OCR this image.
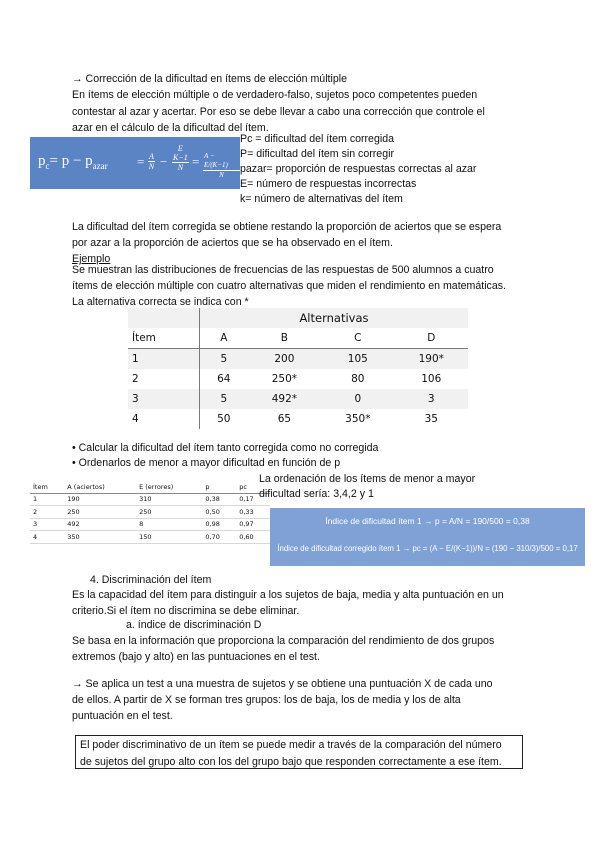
→ Corrección de la dificultad en ítems de elección múltiple
En ítems de elección múltiple o de verdadero-falso, sujetos poco competentes pueden
contestar al azar y acertar. Por eso se debe llevar a cabo una corrección que controle el
azar en el cálculo de la dificultad del ítem.
$p_c= p - p_{azar} = \frac{A}{N}$ −
E
K−1
$N = \frac{A - E/(K-1)}{N}$
Pc = dificultad del ítem corregida
P= dificultad del ítem sin corregir
pazar= proporción de respuestas correctas al azar
E= número de respuestas incorrectas
k= número de alternativas del ítem
La dificultad del ítem corregida se obtiene restando la proporción de aciertos que se espera
por azar a la proporción de aciertos que se ha observado en el ítem.
Ejemplo
Se muestran las distribuciones de frecuencias de las respuestas de 500 alumnos a cuatro
ítems de elección múltiple con cuatro alternativas que miden el rendimiento en matemáticas.
La alternativa correcta se indica con *
	Alternativas			
Ítem	A	B	C	D
1	5	200	105	190*
2	64	250*	80	106
3	5	492*	0	3
4	50	65	350*	35
• Calcular la dificultad del ítem tanto corregida como no corregida
• Ordenarlos de menor a mayor dificultad en función de p
Ítem	A (aciertos)	E (errores)	p	pc
1	190	310	0,38	0,17
2	250	250	0,50	0,33
3	492	8	0,98	0,97
4	350	150	0,70	0,60
La ordenación de los ítems de menor a mayor
dificultad sería: 3,4,2 y 1
Índice de dificultad ítem 1 → p = A/N = 190/500 = 0,38
Índice de dificultad corregido ítem 1 → pc = (A − E/(K−1))/N = (190 − 310/3)/500 = 0,17
4. Discriminación del ítem
Es la capacidad del ítem para distinguir a los sujetos de baja, media y alta puntuación en un
criterio.Si el ítem no discrimina se debe eliminar.
a. índice de discriminación D
Se basa en la información que proporciona la comparación del rendimiento de dos grupos
extremos (bajo y alto) en las puntuaciones en el test.
→ Se aplica un test a una muestra de sujetos y se obtiene una puntuación X de cada uno
de ellos. A partir de X se forman tres grupos: los de baja, los de media y los de alta
puntuación en el test.
El poder discriminativo de un ítem se puede medir a través de la comparación del número
de sujetos del grupo alto con los del grupo bajo que responden correctamente a ese ítem.
